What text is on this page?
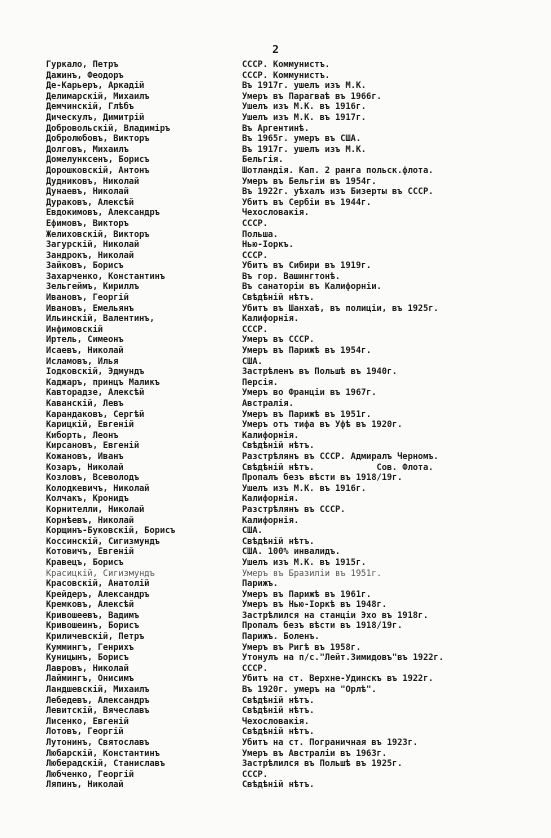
2
Гуркало, Петръ	СССР. Коммунистъ.
Дажинъ, Феодоръ	СССР. Коммунистъ.
Де-Карьеръ, Аркадій	Въ 1917г. ушелъ изъ М.К.
Делимарскій, Михаилъ	Умеръ въ Парагваѣ въ 1966г.
Демчинскій, Глѣбъ	Ушелъ изъ М.К. въ 1916г.
Дическулъ, Димитрій	Ушелъ изъ М.К. въ 1917г.
Добровольскій, Владиміръ	Въ Аргентинѣ.
Добролюбовъ, Викторъ	Въ 1965г. умеръ въ США.
Долговъ, Михаилъ	Въ 1917г. ушелъ изъ М.К.
Домелунксенъ, Борисъ	Бельгія.
Дорошковскій, Антонъ	Шотландія. Кап. 2 ранга польск.флота.
Дудниковъ, Николай	Умеръ въ Бельгіи въ 1954г.
Дунаевъ, Николай	Въ 1922г. уѣхалъ изъ Бизерты въ СССР.
Дураковъ, Алексѣй	Убитъ въ Сербіи въ 1944г.
Евдокимовъ, Александръ	Чехословакія.
Ефимовъ, Викторъ	СССР.
Желиховскій, Викторъ	Польша.
Загурскій, Николай	Нью-Іоркъ.
Зандрокъ, Николай	СССР.
Зайковъ, Борисъ	Убитъ въ Сибири въ 1919г.
Захарченко, Константинъ	Въ гор. Вашингтонѣ.
Зельгеймъ, Кириллъ	Въ санаторіи въ Калифорніи.
Ивановъ, Георгій	Свѣдѣній нѣтъ.
Ивановъ, Емельянъ	Убитъ въ Шанхаѣ, въ полиціи, въ 1925г.
Ильинскій, Валентинъ,	Калифорнія.
Инфимовскій	СССР.
Иртель, Симеонъ	Умеръ въ СССР.
Исаевъ, Николай	Умеръ въ Парижѣ въ 1954г.
Исламовъ, Илья	США.
Іодковскій, Эдмундъ	Застрѣленъ въ Польшѣ въ 1940г.
Каджаръ, принцъ Маликъ	Персія.
Кавторадзе, Алексѣй	Умеръ во Франціи въ 1967г.
Каванскій, Левъ	Австралія.
Карандаковъ, Сергѣй	Умеръ въ Парижѣ въ 1951г.
Карицкій, Евгеній	Умеръ отъ тифа въ Уфѣ въ 1920г.
Киборть, Леонъ	Калифорнія.
Кирсановъ, Евгеній	Свѣдѣній нѣтъ.
Кожановъ, Иванъ	Разстрѣлянъ въ СССР. Адмиралъ Черномъ.
Козаръ, Николай	Свѣдѣній нѣтъ.            Сов. Флота.
Козловъ, Всеволодъ	Пропалъ безъ вѣсти въ 1918/19г.
Колодкевичъ, Николай	Ушелъ изъ М.К. въ 1916г.
Колчакъ, Кронидъ	Калифорнія.
Корнителли, Николай	Разстрѣлянъ въ СССР.
Корнѣевъ, Николай	Калифорнія.
Корщинъ-Буковскій, Борисъ	США.
Коссинскій, Сигизмундъ	Свѣдѣній нѣтъ.
Котовичъ, Евгеній	США. 100% инвалидъ.
Кравецъ, Борисъ	Ушелъ изъ М.К. въ 1915г.
Красицкій, Сигизмундъ	Умеръ въ Бразиліи въ 1951г.
Красовскій, Анатолій	Парижъ.
Крейдеръ, Александръ	Умеръ въ Парижѣ въ 1961г.
Кремковъ, Алексѣй	Умеръ въ Нью-Іоркѣ въ 1948г.
Кривошеевъ, Вадимъ	Застрѣлился на станціи Эхо въ 1918г.
Кривошеинъ, Борисъ	Пропалъ безъ вѣсти въ 1918/19г.
Криличевскій, Петръ	Парижъ. Боленъ.
Куммингъ, Генрихъ	Умеръ въ Ригѣ въ 1958г.
Куницынъ, Борисъ	Утонулъ на п/с."Лейт.Зимидовъ"въ 1922г.
Лавровъ, Николай	СССР.
Лаймингъ, Онисимъ	Убитъ на ст. Верхне-Удинскъ въ 1922г.
Ландшевскій, Михаилъ	Въ 1920г. умеръ на "Орлѣ".
Лебедевъ, Александръ	Свѣдѣній нѣтъ.
Левитскій, Вячеславъ	Свѣдѣній нѣтъ.
Лисенко, Евгеній	Чехословакія.
Лотовъ, Георгій	Свѣдѣній нѣтъ.
Лутонинъ, Святославъ	Убитъ на ст. Пограничная въ 1923г.
Любарскій, Константинъ	Умеръ въ Австраліи въ 1963г.
Люберадскій, Станиславъ	Застрѣлился въ Польшѣ въ 1925г.
Любченко, Георгій	СССР.
Ляпинъ, Николай	Свѣдѣній нѣтъ.
